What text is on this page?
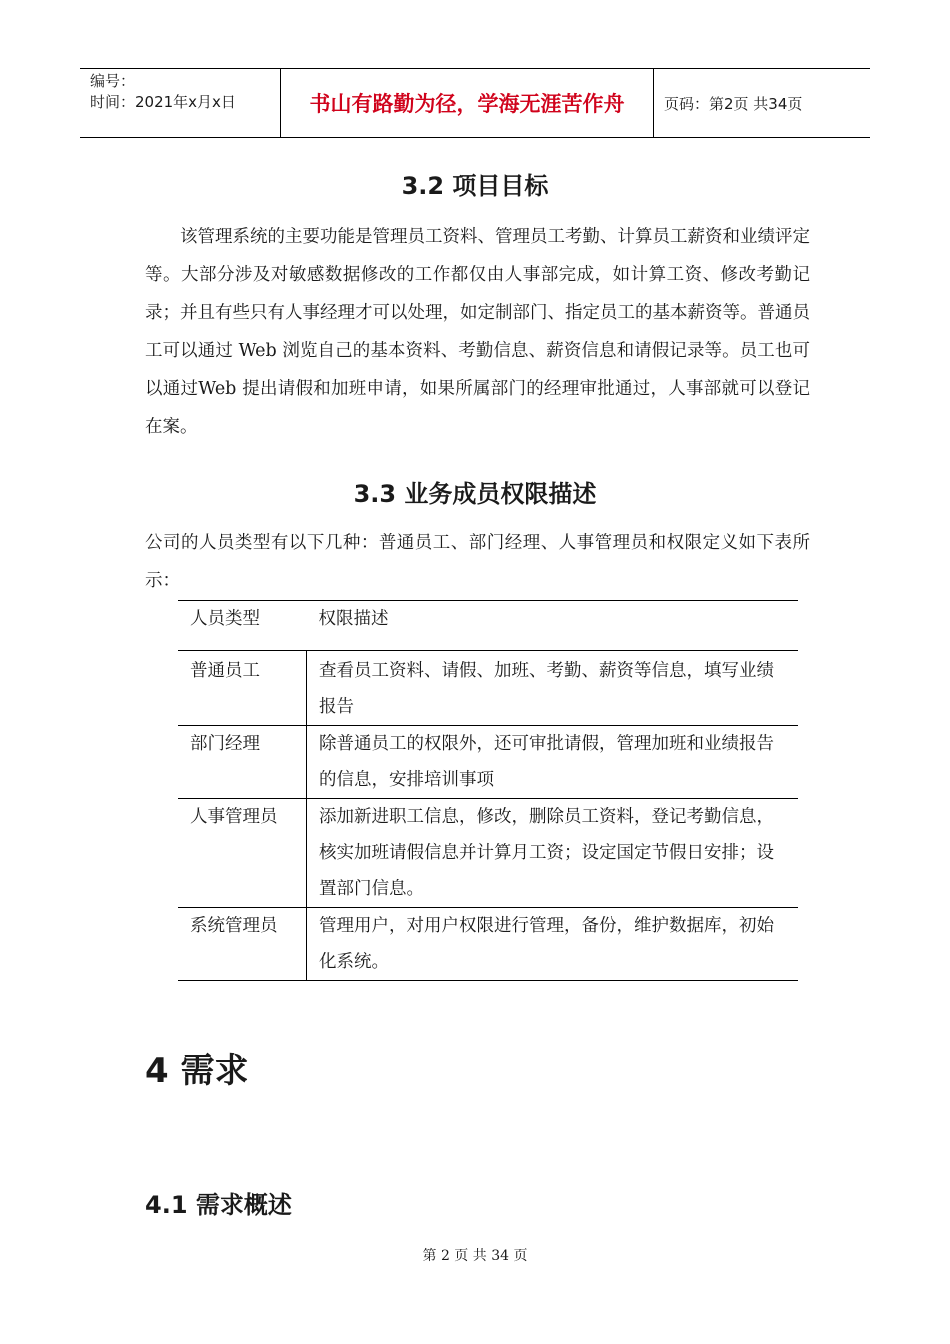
编号：
时间：2021年x月x日	书山有路勤为径，学海无涯苦作舟	页码：第2页 共34页
3.2 项目目标

该管理系统的主要功能是管理员工资料、管理员工考勤、计算员工薪资和业绩评定等。大部分涉及对敏感数据修改的工作都仅由人事部完成，如计算工资、修改考勤记录；并且有些只有人事经理才可以处理，如定制部门、指定员工的基本薪资等。普通员工可以通过 Web 浏览自己的基本资料、考勤信息、薪资信息和请假记录等。员工也可以通过Web 提出请假和加班申请，如果所属部门的经理审批通过，人事部就可以登记在案。

3.3 业务成员权限描述

公司的人员类型有以下几种：普通员工、部门经理、人事管理员和权限定义如下表所示：

人员类型	权限描述
普通员工	查看员工资料、请假、加班、考勤、薪资等信息，填写业绩报告
部门经理	除普通员工的权限外，还可审批请假，管理加班和业绩报告的信息，安排培训事项
人事管理员	添加新进职工信息，修改，删除员工资料，登记考勤信息，核实加班请假信息并计算月工资；设定国定节假日安排；设置部门信息。
系统管理员	管理用户，对用户权限进行管理，备份，维护数据库，初始化系统。
4 需求
4.1 需求概述
第 2 页 共 34 页
